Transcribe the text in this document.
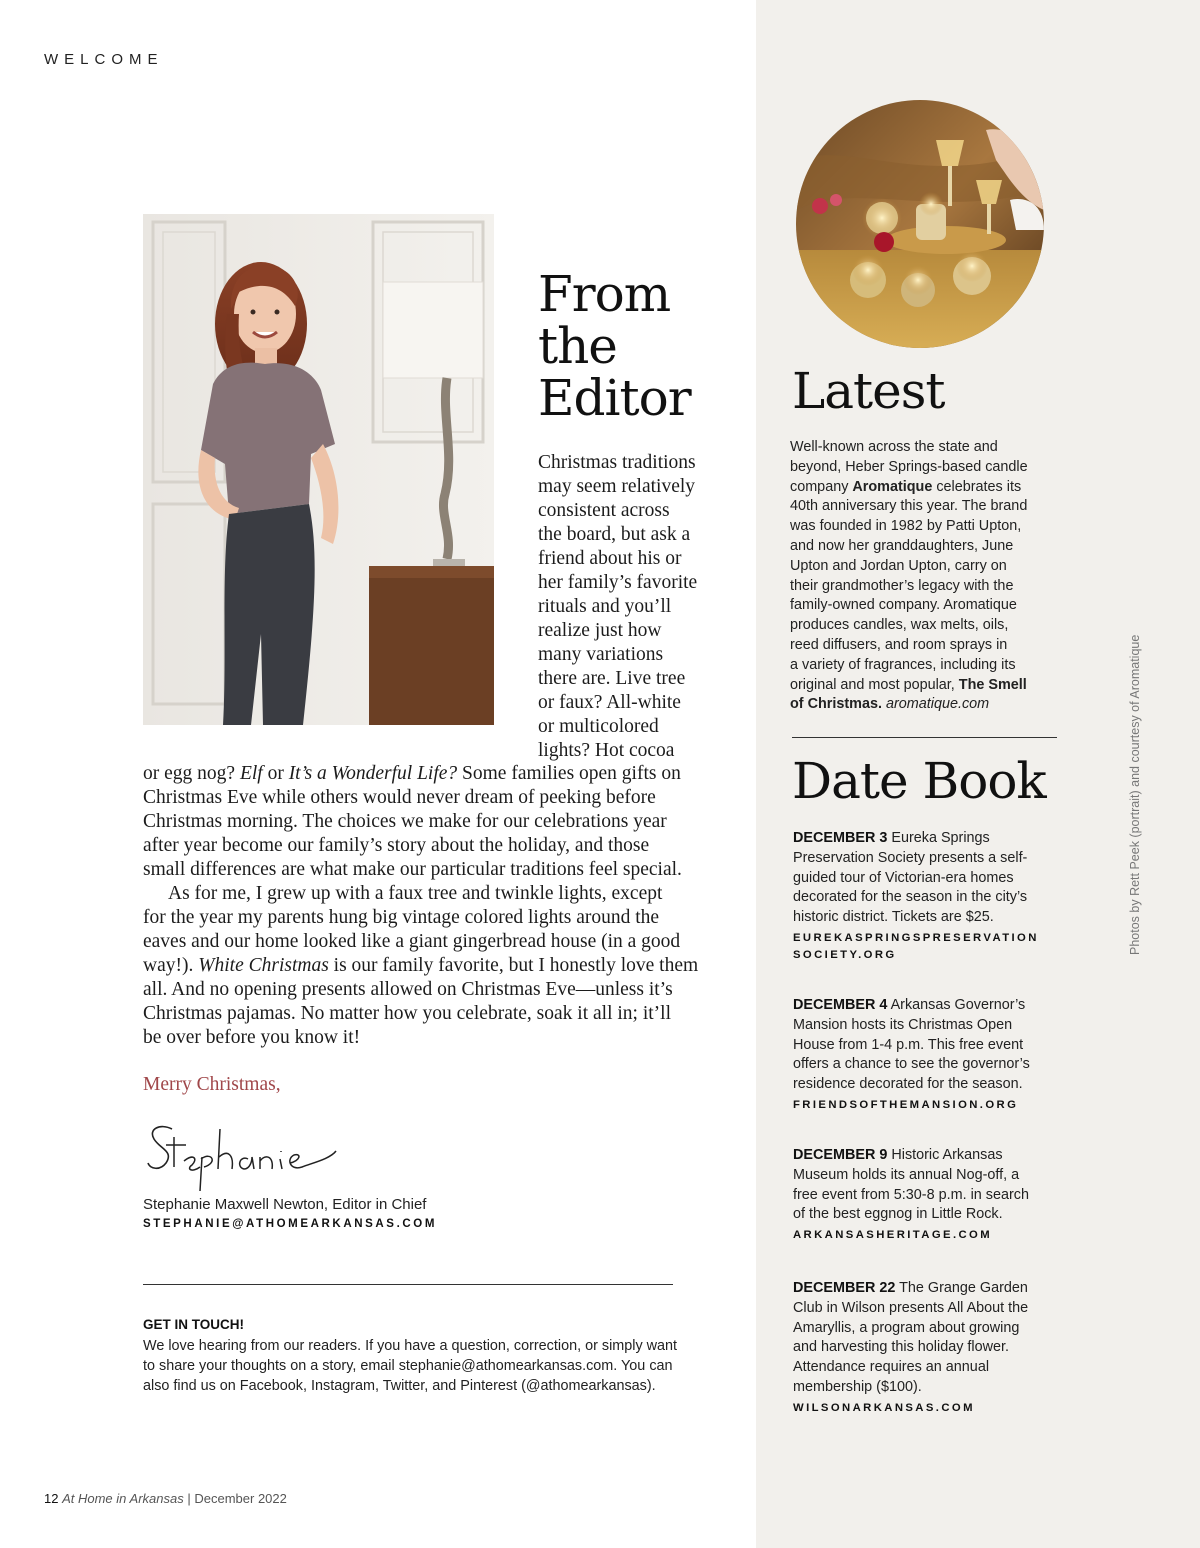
WELCOME
From
the
Editor

Christmas traditions

may seem relatively

consistent across

the board, but ask a

friend about his or

her family’s favorite

rituals and you’ll

realize just how

many variations

there are. Live tree

or faux? All-white

or multicolored

lights? Hot cocoa

or egg nog? Elf or It’s a Wonderful Life? Some families open gifts on

Christmas Eve while others would never dream of peeking before

Christmas morning. The choices we make for our celebrations year

after year become our family’s story about the holiday, and those

small differences are what make our particular traditions feel special.

As for me, I grew up with a faux tree and twinkle lights, except

for the year my parents hung big vintage colored lights around the

eaves and our home looked like a giant gingerbread house (in a good

way!). White Christmas is our family favorite, but I honestly love them

all. And no opening presents allowed on Christmas Eve—unless it’s

Christmas pajamas. No matter how you celebrate, soak it all in; it’ll

be over before you know it!

Merry Christmas,
Stephanie Maxwell Newton, Editor in Chief
STEPHANIE@ATHOMEARKANSAS.COM
GET IN TOUCH!

We love hearing from our readers. If you have a question, correction, or simply want

to share your thoughts on a story, email stephanie@athomearkansas.com. You can

also find us on Facebook, Instagram, Twitter, and Pinterest (@athomearkansas).

12 At Home in Arkansas | December 2022
Latest

Well-known across the state and

beyond, Heber Springs-based candle

company Aromatique celebrates its

40th anniversary this year. The brand

was founded in 1982 by Patti Upton,

and now her granddaughters, June

Upton and Jordan Upton, carry on

their grandmother’s legacy with the

family-owned company. Aromatique

produces candles, wax melts, oils,

reed diffusers, and room sprays in

a variety of fragrances, including its

original and most popular, The Smell

of Christmas. aromatique.com

Date Book

DECEMBER 3 Eureka Springs

Preservation Society presents a self-

guided tour of Victorian-era homes

decorated for the season in the city’s

historic district. Tickets are $25.

EUREKASPRINGSPRESERVATION
SOCIETY.ORG

DECEMBER 4 Arkansas Governor’s

Mansion hosts its Christmas Open

House from 1-4 p.m. This free event

offers a chance to see the governor’s

residence decorated for the season.

FRIENDSOFTHEMANSION.ORG

DECEMBER 9 Historic Arkansas

Museum holds its annual Nog-off, a

free event from 5:30-8 p.m. in search

of the best eggnog in Little Rock.

ARKANSASHERITAGE.COM

DECEMBER 22 The Grange Garden

Club in Wilson presents All About the

Amaryllis, a program about growing

and harvesting this holiday flower.

Attendance requires an annual

membership ($100).

WILSONARKANSAS.COM
Photos by Rett Peek (portrait) and courtesy of Aromatique
